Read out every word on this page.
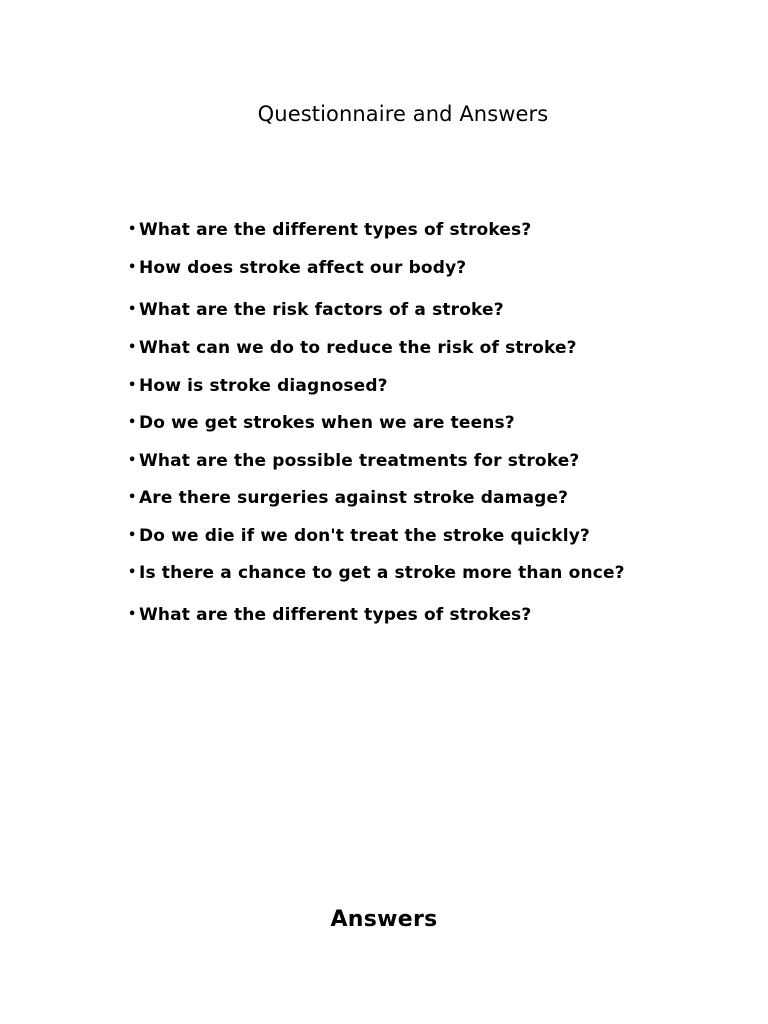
Questionnaire and Answers
• What are the different types of strokes?
• How does stroke affect our body?
• What are the risk factors of a stroke?
• What can we do to reduce the risk of stroke?
• How is stroke diagnosed?
• Do we get strokes when we are teens?
• What are the possible treatments for stroke?
• Are there surgeries against stroke damage?
• Do we die if we don't treat the stroke quickly?
• Is there a chance to get a stroke more than once?
• What are the different types of strokes?
Answers
